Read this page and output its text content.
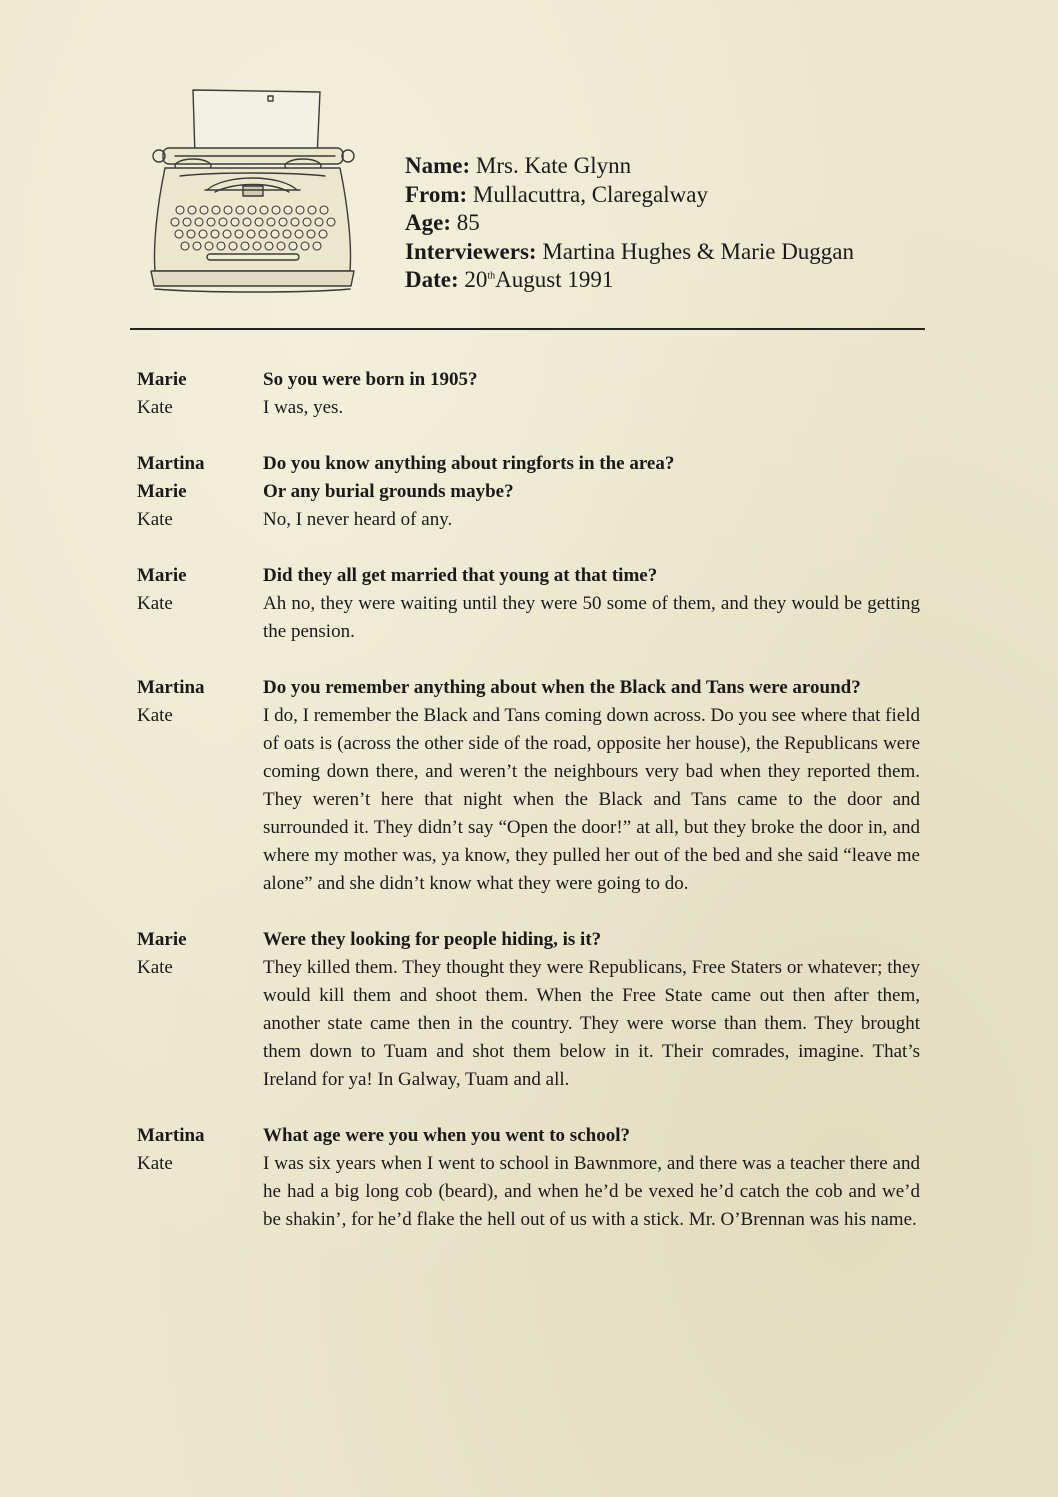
Name: Mrs. Kate Glynn
From: Mullacuttra, Claregalway
Age: 85
Interviewers: Martina Hughes & Marie Duggan
Date: 20thAugust 1991
Marie	So you were born in 1905?
Kate	I was, yes.
Martina	Do you know anything about ringforts in the area?
Marie	Or any burial grounds maybe?
Kate	No, I never heard of any.
Marie	Did they all get married that young at that time?
Kate	Ah no, they were waiting until they were 50 some of them, and they would be getting the pension.
Martina	Do you remember anything about when the Black and Tans were around?
Kate	I do, I remember the Black and Tans coming down across. Do you see where that field of oats is (across the other side of the road, opposite her house), the Republicans were coming down there, and weren’t the neighbours very bad when they reported them. They weren’t here that night when the Black and Tans came to the door and surrounded it. They didn’t say “Open the door!” at all, but they broke the door in, and where my mother was, ya know, they pulled her out of the bed and she said “leave me alone” and she didn’t know what they were going to do.
Marie	Were they looking for people hiding, is it?
Kate	They killed them. They thought they were Republicans, Free Staters or whatever; they would kill them and shoot them. When the Free State came out then after them, another state came then in the country. They were worse than them. They brought them down to Tuam and shot them below in it. Their comrades, imagine. That’s Ireland for ya! In Galway, Tuam and all.
Martina	What age were you when you went to school?
Kate	I was six years when I went to school in Bawnmore, and there was a teacher there and he had a big long cob (beard), and when he’d be vexed he’d catch the cob and we’d be shakin’, for he’d flake the hell out of us with a stick. Mr. O’Brennan was his name.
